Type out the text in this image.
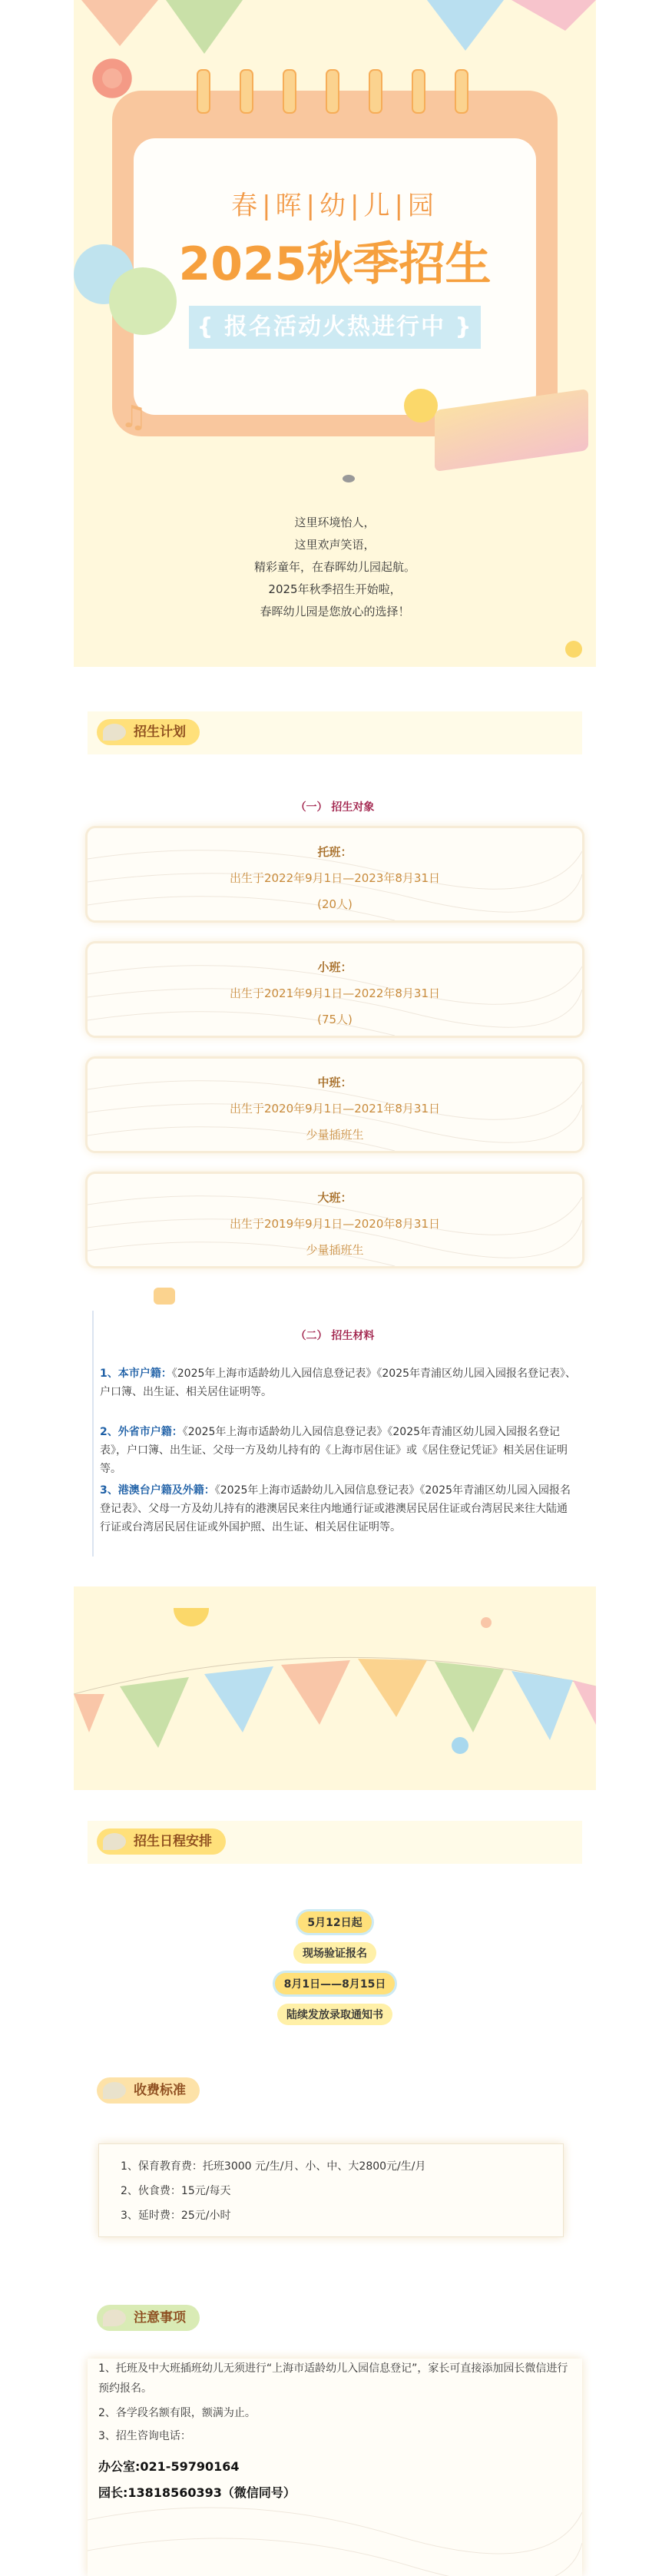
♫
春|晖|幼|儿|园
2025秋季招生
{ 报名活动火热进行中 }
这里环境怡人，
这里欢声笑语，
精彩童年，在春晖幼儿园起航。
2025年秋季招生开始啦，
春晖幼儿园是您放心的选择！
招生计划
（一） 招生对象
托班：
出生于2022年9月1日—2023年8月31日
(20人)
小班：
出生于2021年9月1日—2022年8月31日
(75人)
中班：
出生于2020年9月1日—2021年8月31日
少量插班生
大班：
出生于2019年9月1日—2020年8月31日
少量插班生
（二） 招生材料
1、本市户籍：《2025年上海市适龄幼儿入园信息登记表》《2025年青浦区幼儿园入园报名登记表》、户口簿、出生证、相关居住证明等。
2、外省市户籍：《2025年上海市适龄幼儿入园信息登记表》《2025年青浦区幼儿园入园报名登记表》，户口簿、出生证、父母一方及幼儿持有的《上海市居住证》或《居住登记凭证》相关居住证明等。
3、港澳台户籍及外籍：《2025年上海市适龄幼儿入园信息登记表》《2025年青浦区幼儿园入园报名登记表》、父母一方及幼儿持有的港澳居民来往内地通行证或港澳居民居住证或台湾居民来往大陆通行证或台湾居民居住证或外国护照、出生证、相关居住证明等。
招生日程安排
5月12日起
现场验证报名
8月1日——8月15日
陆续发放录取通知书
收费标准
1、保育教育费：托班3000 元/生/月、小、中、大2800元/生/月
2、伙食费：15元/每天
3、延时费：25元/小时
注意事项
1、托班及中大班插班幼儿无须进行“上海市适龄幼儿入园信息登记”，家长可直接添加园长微信进行预约报名。
2、各学段名额有限，额满为止。
3、招生咨询电话：
办公室:021-59790164
园长:13818560393（微信同号）
